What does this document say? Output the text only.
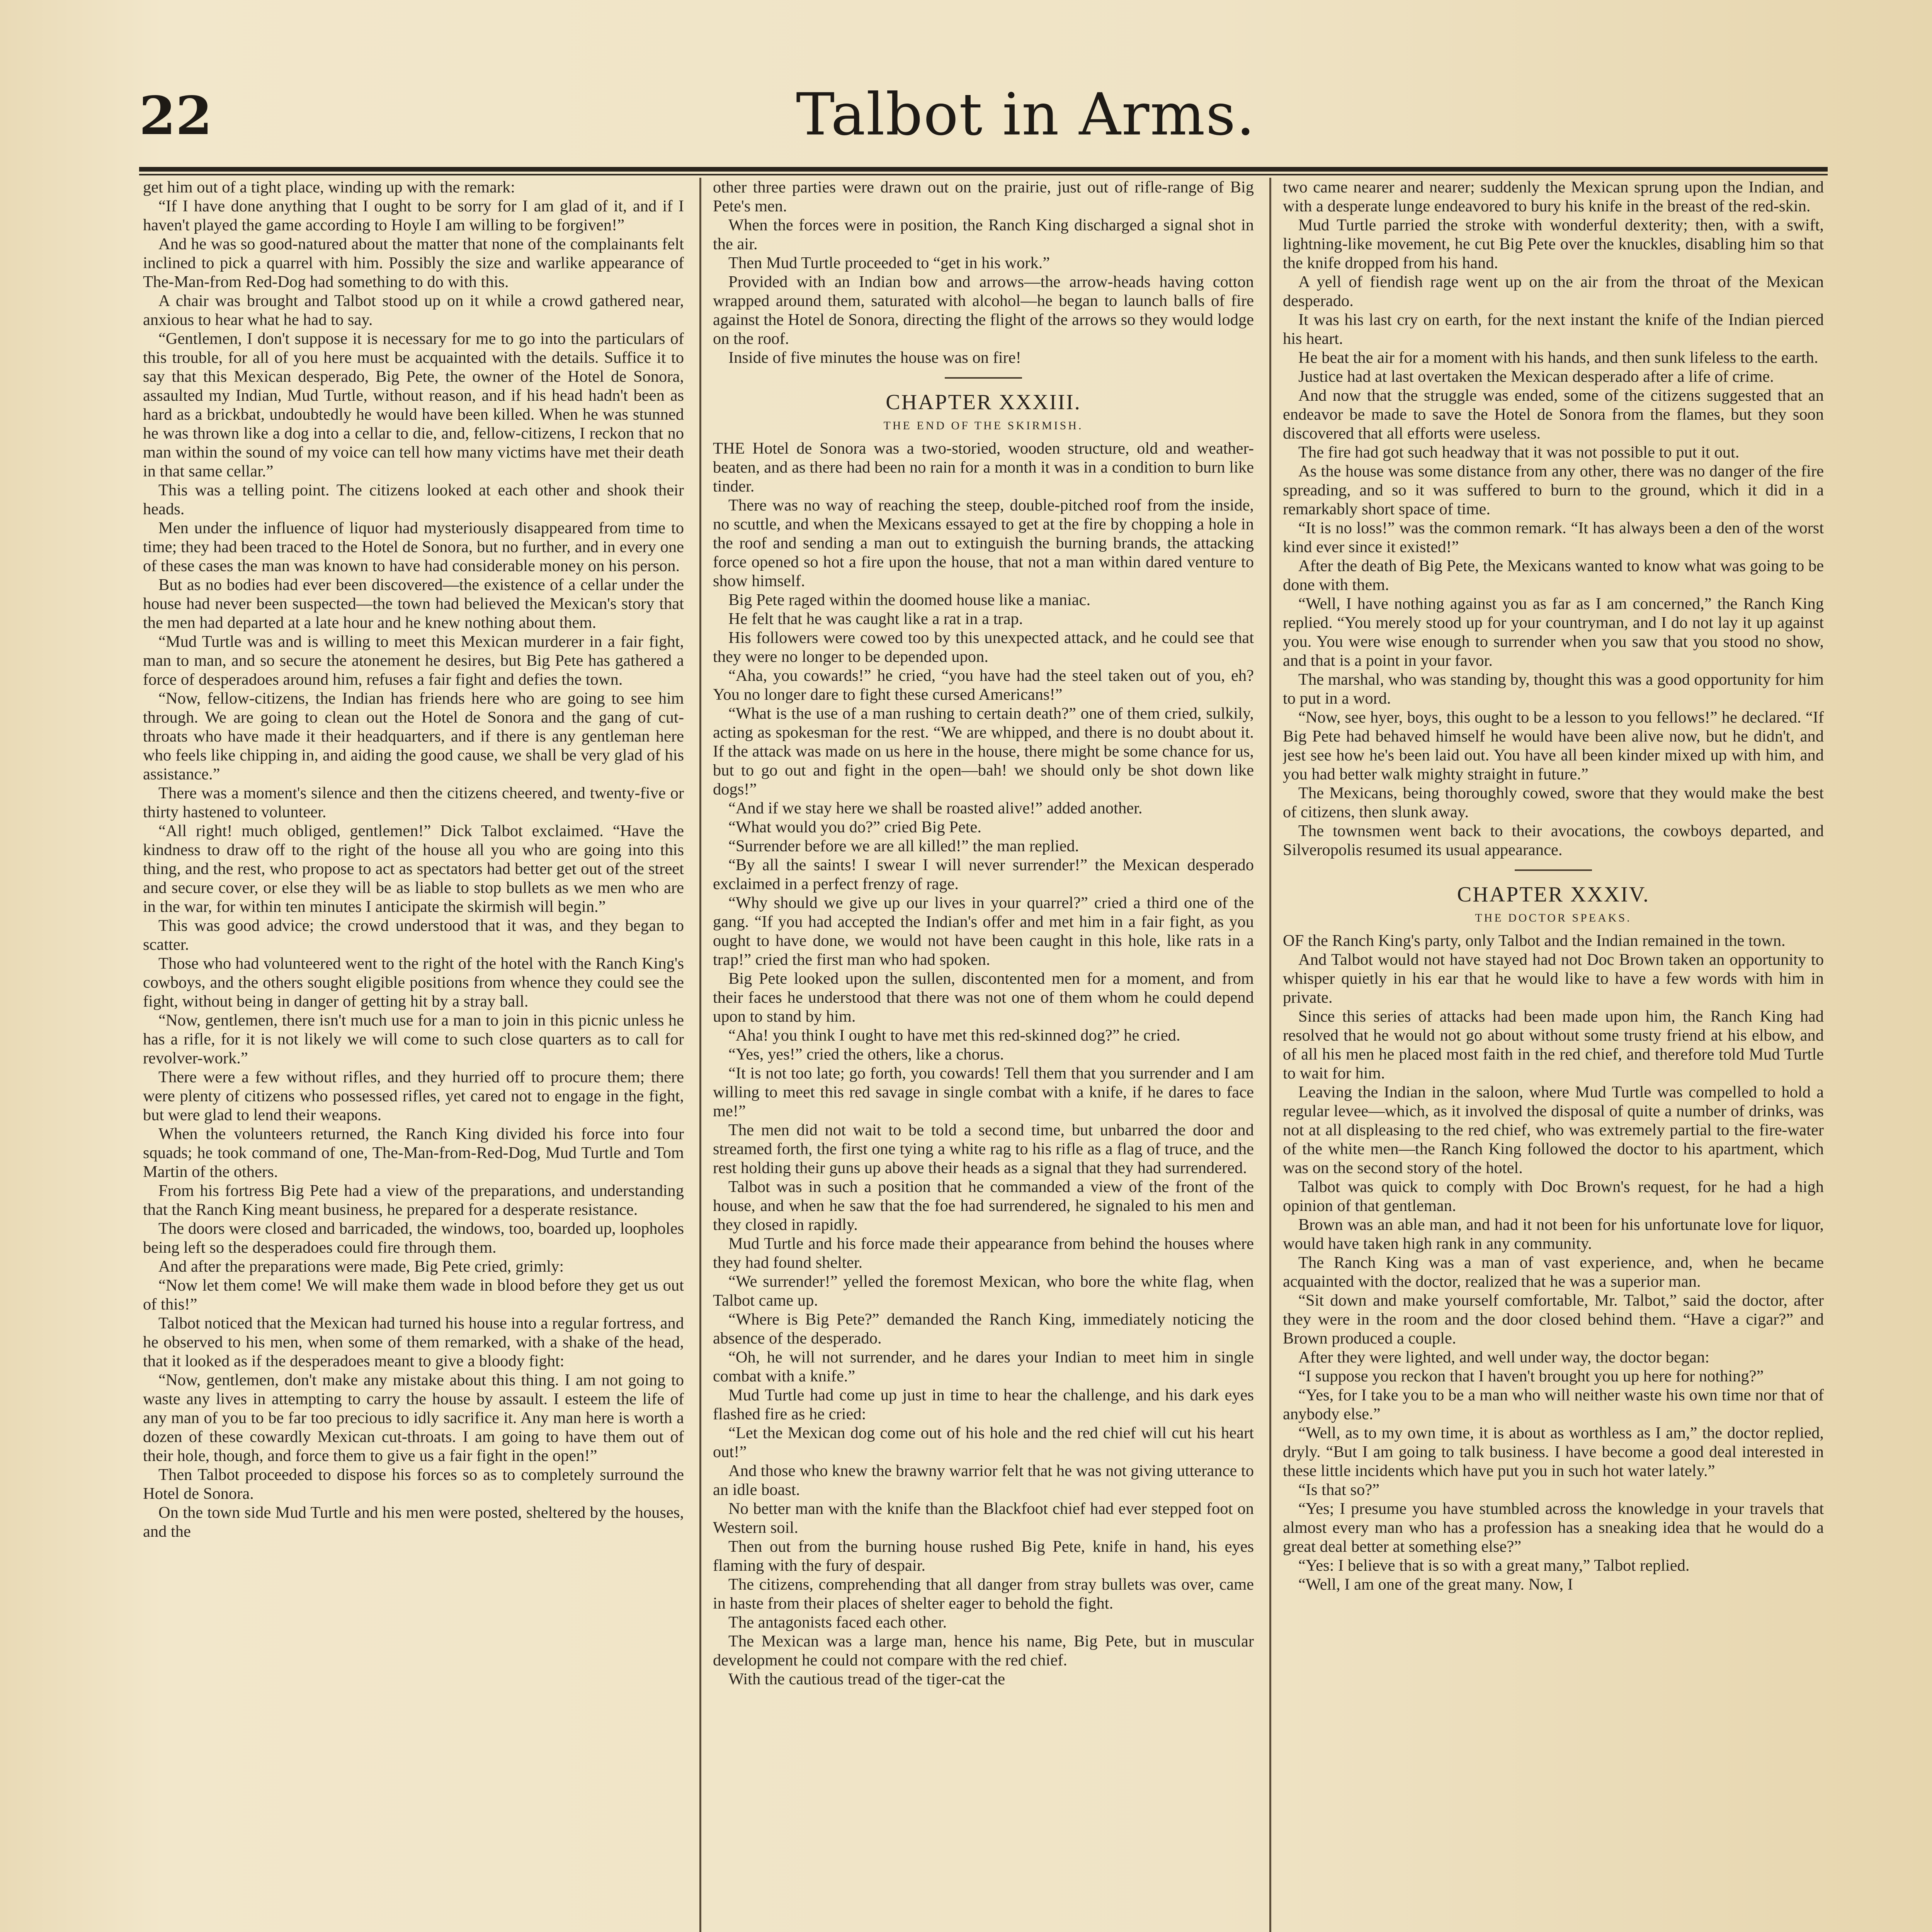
22	Talbot in Arms.

get him out of a tight place, winding up with the remark:

“If I have done anything that I ought to be sorry for I am glad of it, and if I haven't played the game according to Hoyle I am willing to be forgiven!”

And he was so good-natured about the matter that none of the complainants felt inclined to pick a quarrel with him. Possibly the size and warlike appearance of The-Man-from Red-Dog had something to do with this.

A chair was brought and Talbot stood up on it while a crowd gathered near, anxious to hear what he had to say.

“Gentlemen, I don't suppose it is necessary for me to go into the particulars of this trouble, for all of you here must be acquainted with the details. Suffice it to say that this Mexican desperado, Big Pete, the owner of the Hotel de Sonora, assaulted my Indian, Mud Turtle, without reason, and if his head hadn't been as hard as a brickbat, undoubtedly he would have been killed. When he was stunned he was thrown like a dog into a cellar to die, and, fellow-citizens, I reckon that no man within the sound of my voice can tell how many victims have met their death in that same cellar.”

This was a telling point. The citizens looked at each other and shook their heads.

Men under the influence of liquor had mysteriously disappeared from time to time; they had been traced to the Hotel de Sonora, but no further, and in every one of these cases the man was known to have had considerable money on his person.

But as no bodies had ever been discovered—the existence of a cellar under the house had never been suspected—the town had believed the Mexican's story that the men had departed at a late hour and he knew nothing about them.

“Mud Turtle was and is willing to meet this Mexican murderer in a fair fight, man to man, and so secure the atonement he desires, but Big Pete has gathered a force of desperadoes around him, refuses a fair fight and defies the town.

“Now, fellow-citizens, the Indian has friends here who are going to see him through. We are going to clean out the Hotel de Sonora and the gang of cut-throats who have made it their headquarters, and if there is any gentleman here who feels like chipping in, and aiding the good cause, we shall be very glad of his assistance.”

There was a moment's silence and then the citizens cheered, and twenty-five or thirty hastened to volunteer.

“All right! much obliged, gentlemen!” Dick Talbot exclaimed. “Have the kindness to draw off to the right of the house all you who are going into this thing, and the rest, who propose to act as spectators had better get out of the street and secure cover, or else they will be as liable to stop bullets as we men who are in the war, for within ten minutes I anticipate the skirmish will begin.”

This was good advice; the crowd understood that it was, and they began to scatter.

Those who had volunteered went to the right of the hotel with the Ranch King's cowboys, and the others sought eligible positions from whence they could see the fight, without being in danger of getting hit by a stray ball.

“Now, gentlemen, there isn't much use for a man to join in this picnic unless he has a rifle, for it is not likely we will come to such close quarters as to call for revolver-work.”

There were a few without rifles, and they hurried off to procure them; there were plenty of citizens who possessed rifles, yet cared not to engage in the fight, but were glad to lend their weapons.

When the volunteers returned, the Ranch King divided his force into four squads; he took command of one, The-Man-from-Red-Dog, Mud Turtle and Tom Martin of the others.

From his fortress Big Pete had a view of the preparations, and understanding that the Ranch King meant business, he prepared for a desperate resistance.

The doors were closed and barricaded, the windows, too, boarded up, loopholes being left so the desperadoes could fire through them.

And after the preparations were made, Big Pete cried, grimly:

“Now let them come! We will make them wade in blood before they get us out of this!”

Talbot noticed that the Mexican had turned his house into a regular fortress, and he observed to his men, when some of them remarked, with a shake of the head, that it looked as if the desperadoes meant to give a bloody fight:

“Now, gentlemen, don't make any mistake about this thing. I am not going to waste any lives in attempting to carry the house by assault. I esteem the life of any man of you to be far too precious to idly sacrifice it. Any man here is worth a dozen of these cowardly Mexican cut-throats. I am going to have them out of their hole, though, and force them to give us a fair fight in the open!”

Then Talbot proceeded to dispose his forces so as to completely surround the Hotel de Sonora.

On the town side Mud Turtle and his men were posted, sheltered by the houses, and the

other three parties were drawn out on the prairie, just out of rifle-range of Big Pete's men.

When the forces were in position, the Ranch King discharged a signal shot in the air.

Then Mud Turtle proceeded to “get in his work.”

Provided with an Indian bow and arrows—the arrow-heads having cotton wrapped around them, saturated with alcohol—he began to launch balls of fire against the Hotel de Sonora, directing the flight of the arrows so they would lodge on the roof.

Inside of five minutes the house was on fire!

CHAPTER XXXIII.
THE END OF THE SKIRMISH.

THE Hotel de Sonora was a two-storied, wooden structure, old and weather-beaten, and as there had been no rain for a month it was in a condition to burn like tinder.

There was no way of reaching the steep, double-pitched roof from the inside, no scuttle, and when the Mexicans essayed to get at the fire by chopping a hole in the roof and sending a man out to extinguish the burning brands, the attacking force opened so hot a fire upon the house, that not a man within dared venture to show himself.

Big Pete raged within the doomed house like a maniac.

He felt that he was caught like a rat in a trap.

His followers were cowed too by this unexpected attack, and he could see that they were no longer to be depended upon.

“Aha, you cowards!” he cried, “you have had the steel taken out of you, eh? You no longer dare to fight these cursed Americans!”

“What is the use of a man rushing to certain death?” one of them cried, sulkily, acting as spokesman for the rest. “We are whipped, and there is no doubt about it. If the attack was made on us here in the house, there might be some chance for us, but to go out and fight in the open—bah! we should only be shot down like dogs!”

“And if we stay here we shall be roasted alive!” added another.

“What would you do?” cried Big Pete.

“Surrender before we are all killed!” the man replied.

“By all the saints! I swear I will never surrender!” the Mexican desperado exclaimed in a perfect frenzy of rage.

“Why should we give up our lives in your quarrel?” cried a third one of the gang. “If you had accepted the Indian's offer and met him in a fair fight, as you ought to have done, we would not have been caught in this hole, like rats in a trap!” cried the first man who had spoken.

Big Pete looked upon the sullen, discontented men for a moment, and from their faces he understood that there was not one of them whom he could depend upon to stand by him.

“Aha! you think I ought to have met this red-skinned dog?” he cried.

“Yes, yes!” cried the others, like a chorus.

“It is not too late; go forth, you cowards! Tell them that you surrender and I am willing to meet this red savage in single combat with a knife, if he dares to face me!”

The men did not wait to be told a second time, but unbarred the door and streamed forth, the first one tying a white rag to his rifle as a flag of truce, and the rest holding their guns up above their heads as a signal that they had surrendered.

Talbot was in such a position that he commanded a view of the front of the house, and when he saw that the foe had surrendered, he signaled to his men and they closed in rapidly.

Mud Turtle and his force made their appearance from behind the houses where they had found shelter.

“We surrender!” yelled the foremost Mexican, who bore the white flag, when Talbot came up.

“Where is Big Pete?” demanded the Ranch King, immediately noticing the absence of the desperado.

“Oh, he will not surrender, and he dares your Indian to meet him in single combat with a knife.”

Mud Turtle had come up just in time to hear the challenge, and his dark eyes flashed fire as he cried:

“Let the Mexican dog come out of his hole and the red chief will cut his heart out!”

And those who knew the brawny warrior felt that he was not giving utterance to an idle boast.

No better man with the knife than the Blackfoot chief had ever stepped foot on Western soil.

Then out from the burning house rushed Big Pete, knife in hand, his eyes flaming with the fury of despair.

The citizens, comprehending that all danger from stray bullets was over, came in haste from their places of shelter eager to behold the fight.

The antagonists faced each other.

The Mexican was a large man, hence his name, Big Pete, but in muscular development he could not compare with the red chief.

With the cautious tread of the tiger-cat the

two came nearer and nearer; suddenly the Mexican sprung upon the Indian, and with a desperate lunge endeavored to bury his knife in the breast of the red-skin.

Mud Turtle parried the stroke with wonderful dexterity; then, with a swift, lightning-like movement, he cut Big Pete over the knuckles, disabling him so that the knife dropped from his hand.

A yell of fiendish rage went up on the air from the throat of the Mexican desperado.

It was his last cry on earth, for the next instant the knife of the Indian pierced his heart.

He beat the air for a moment with his hands, and then sunk lifeless to the earth.

Justice had at last overtaken the Mexican desperado after a life of crime.

And now that the struggle was ended, some of the citizens suggested that an endeavor be made to save the Hotel de Sonora from the flames, but they soon discovered that all efforts were useless.

The fire had got such headway that it was not possible to put it out.

As the house was some distance from any other, there was no danger of the fire spreading, and so it was suffered to burn to the ground, which it did in a remarkably short space of time.

“It is no loss!” was the common remark. “It has always been a den of the worst kind ever since it existed!”

After the death of Big Pete, the Mexicans wanted to know what was going to be done with them.

“Well, I have nothing against you as far as I am concerned,” the Ranch King replied. “You merely stood up for your countryman, and I do not lay it up against you. You were wise enough to surrender when you saw that you stood no show, and that is a point in your favor.

The marshal, who was standing by, thought this was a good opportunity for him to put in a word.

“Now, see hyer, boys, this ought to be a lesson to you fellows!” he declared. “If Big Pete had behaved himself he would have been alive now, but he didn't, and jest see how he's been laid out. You have all been kinder mixed up with him, and you had better walk mighty straight in future.”

The Mexicans, being thoroughly cowed, swore that they would make the best of citizens, then slunk away.

The townsmen went back to their avocations, the cowboys departed, and Silveropolis resumed its usual appearance.

CHAPTER XXXIV.
THE DOCTOR SPEAKS.

OF the Ranch King's party, only Talbot and the Indian remained in the town.

And Talbot would not have stayed had not Doc Brown taken an opportunity to whisper quietly in his ear that he would like to have a few words with him in private.

Since this series of attacks had been made upon him, the Ranch King had resolved that he would not go about without some trusty friend at his elbow, and of all his men he placed most faith in the red chief, and therefore told Mud Turtle to wait for him.

Leaving the Indian in the saloon, where Mud Turtle was compelled to hold a regular levee—which, as it involved the disposal of quite a number of drinks, was not at all displeasing to the red chief, who was extremely partial to the fire-water of the white men—the Ranch King followed the doctor to his apartment, which was on the second story of the hotel.

Talbot was quick to comply with Doc Brown's request, for he had a high opinion of that gentleman.

Brown was an able man, and had it not been for his unfortunate love for liquor, would have taken high rank in any community.

The Ranch King was a man of vast experience, and, when he became acquainted with the doctor, realized that he was a superior man.

“Sit down and make yourself comfortable, Mr. Talbot,” said the doctor, after they were in the room and the door closed behind them. “Have a cigar?” and Brown produced a couple.

After they were lighted, and well under way, the doctor began:

“I suppose you reckon that I haven't brought you up here for nothing?”

“Yes, for I take you to be a man who will neither waste his own time nor that of anybody else.”

“Well, as to my own time, it is about as worthless as I am,” the doctor replied, dryly. “But I am going to talk business. I have become a good deal interested in these little incidents which have put you in such hot water lately.”

“Is that so?”

“Yes; I presume you have stumbled across the knowledge in your travels that almost every man who has a profession has a sneaking idea that he would do a great deal better at something else?”

“Yes: I believe that is so with a great many,” Talbot replied.

“Well, I am one of the great many. Now, I
